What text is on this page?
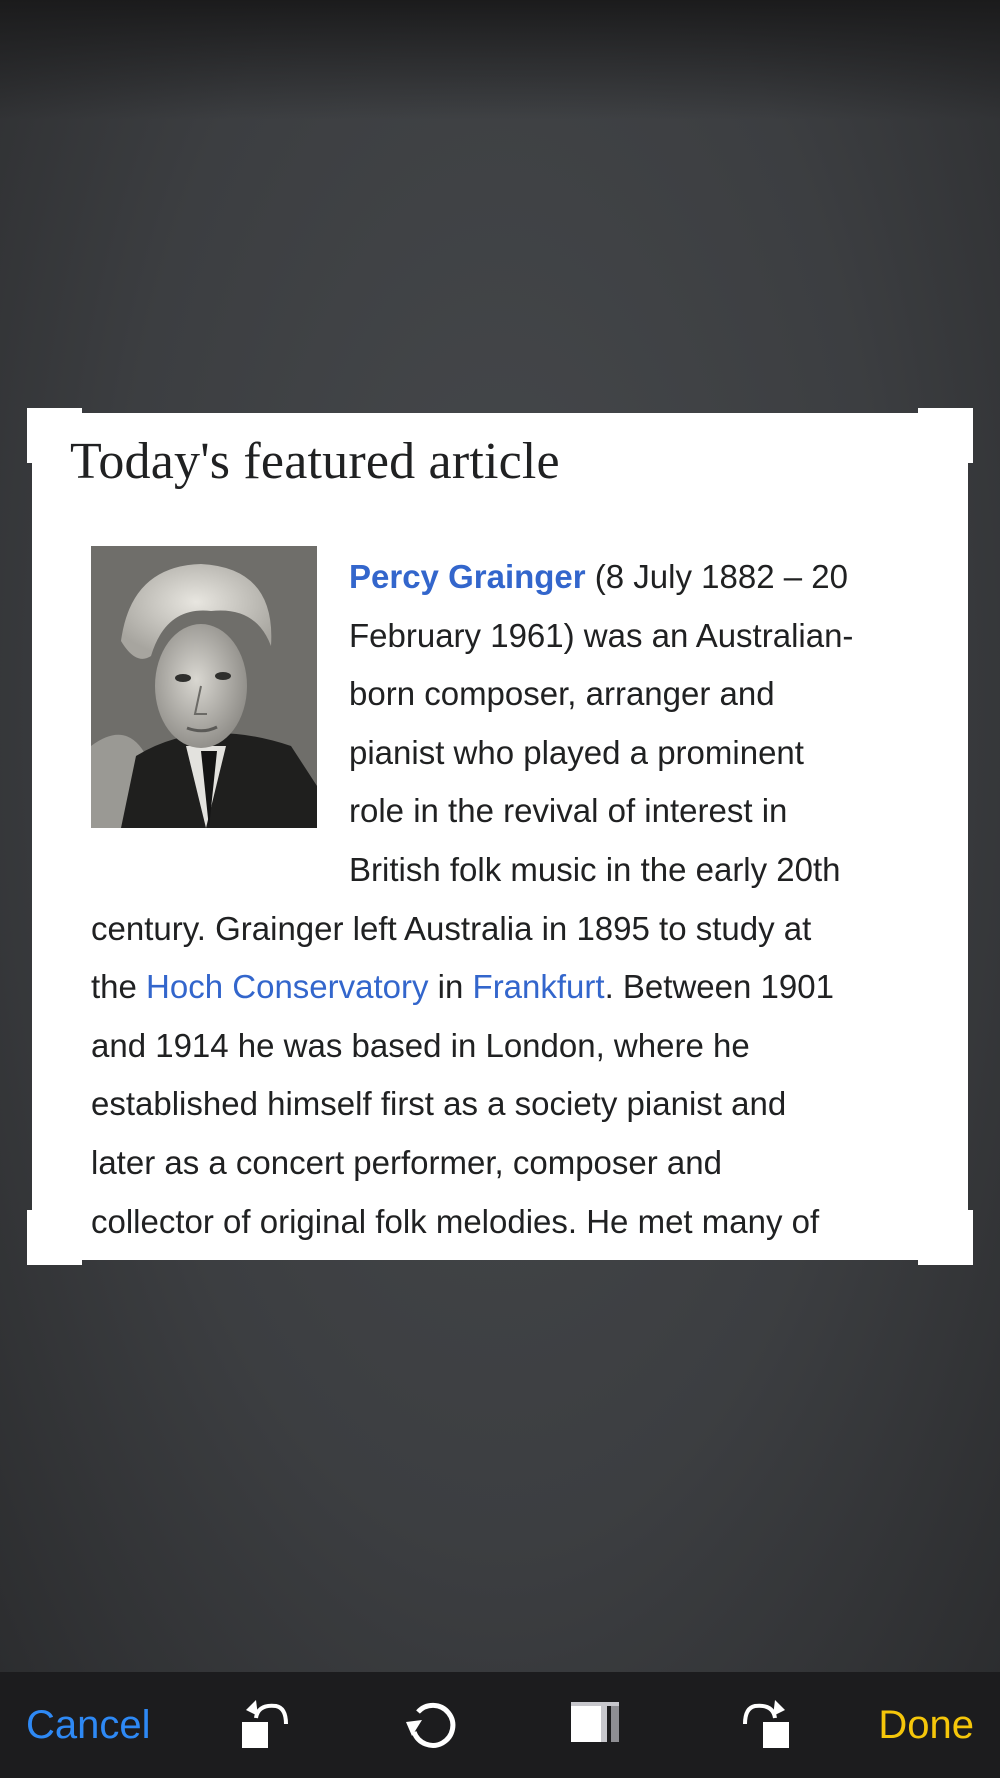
Today's featured article

Percy Grainger (8 July 1882 – 20
February 1961) was an Australian-
born composer, arranger and
pianist who played a prominent
role in the revival of interest in
British folk music in the early 20th
century. Grainger left Australia in 1895 to study at
the Hoch Conservatory in Frankfurt. Between 1901
and 1914 he was based in London, where he
established himself first as a society pianist and
later as a concert performer, composer and
collector of original folk melodies. He met many of

Cancel	Done
